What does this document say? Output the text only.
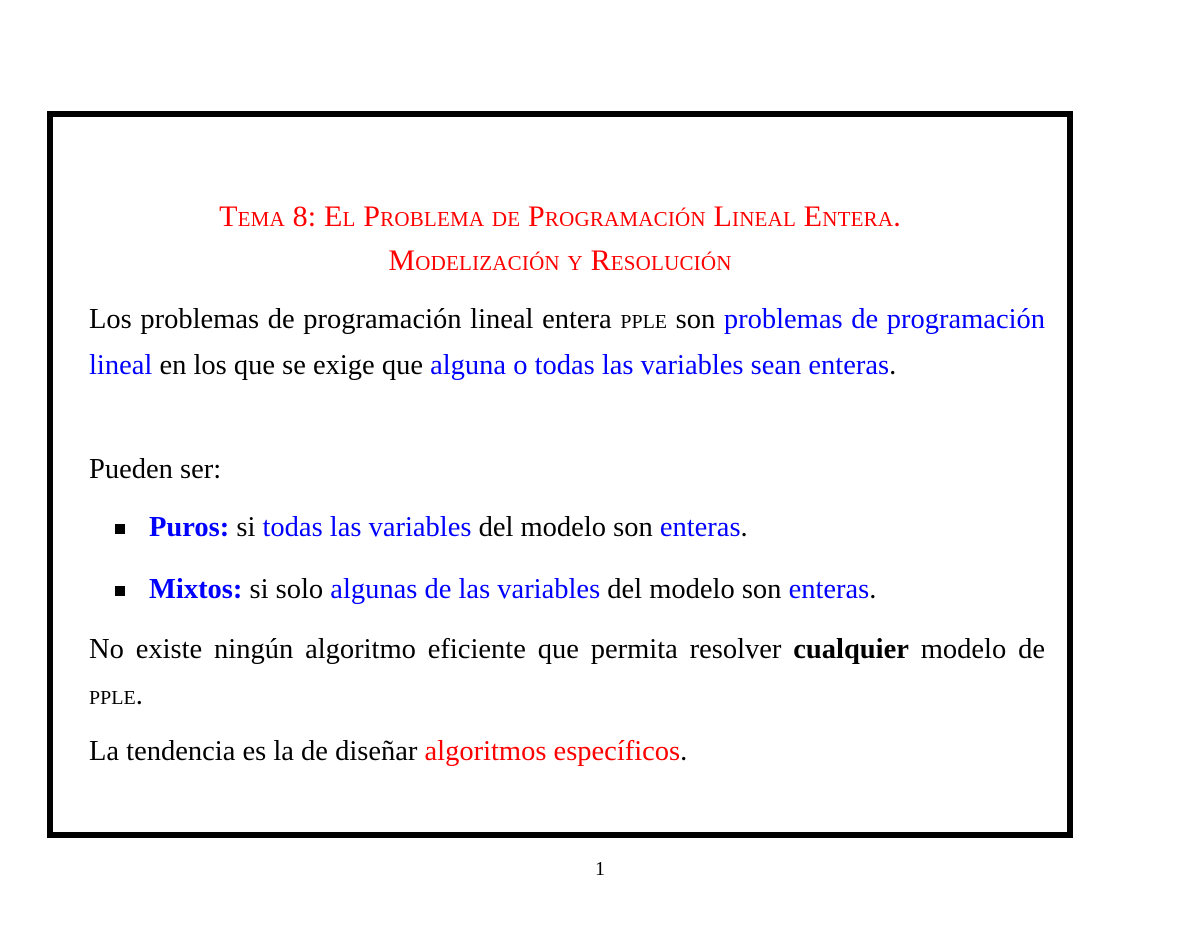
Tema 8: El Problema de Programación Lineal Entera.
Modelización y Resolución
Los problemas de programación lineal entera pple son problemas de programación lineal en los que se exige que alguna o todas las variables sean enteras.
Pueden ser:
Puros: si todas las variables del modelo son enteras.
Mixtos: si solo algunas de las variables del modelo son enteras.
No existe ningún algoritmo eficiente que permita resolver cualquier modelo de pple.
La tendencia es la de diseñar algoritmos específicos.
1
